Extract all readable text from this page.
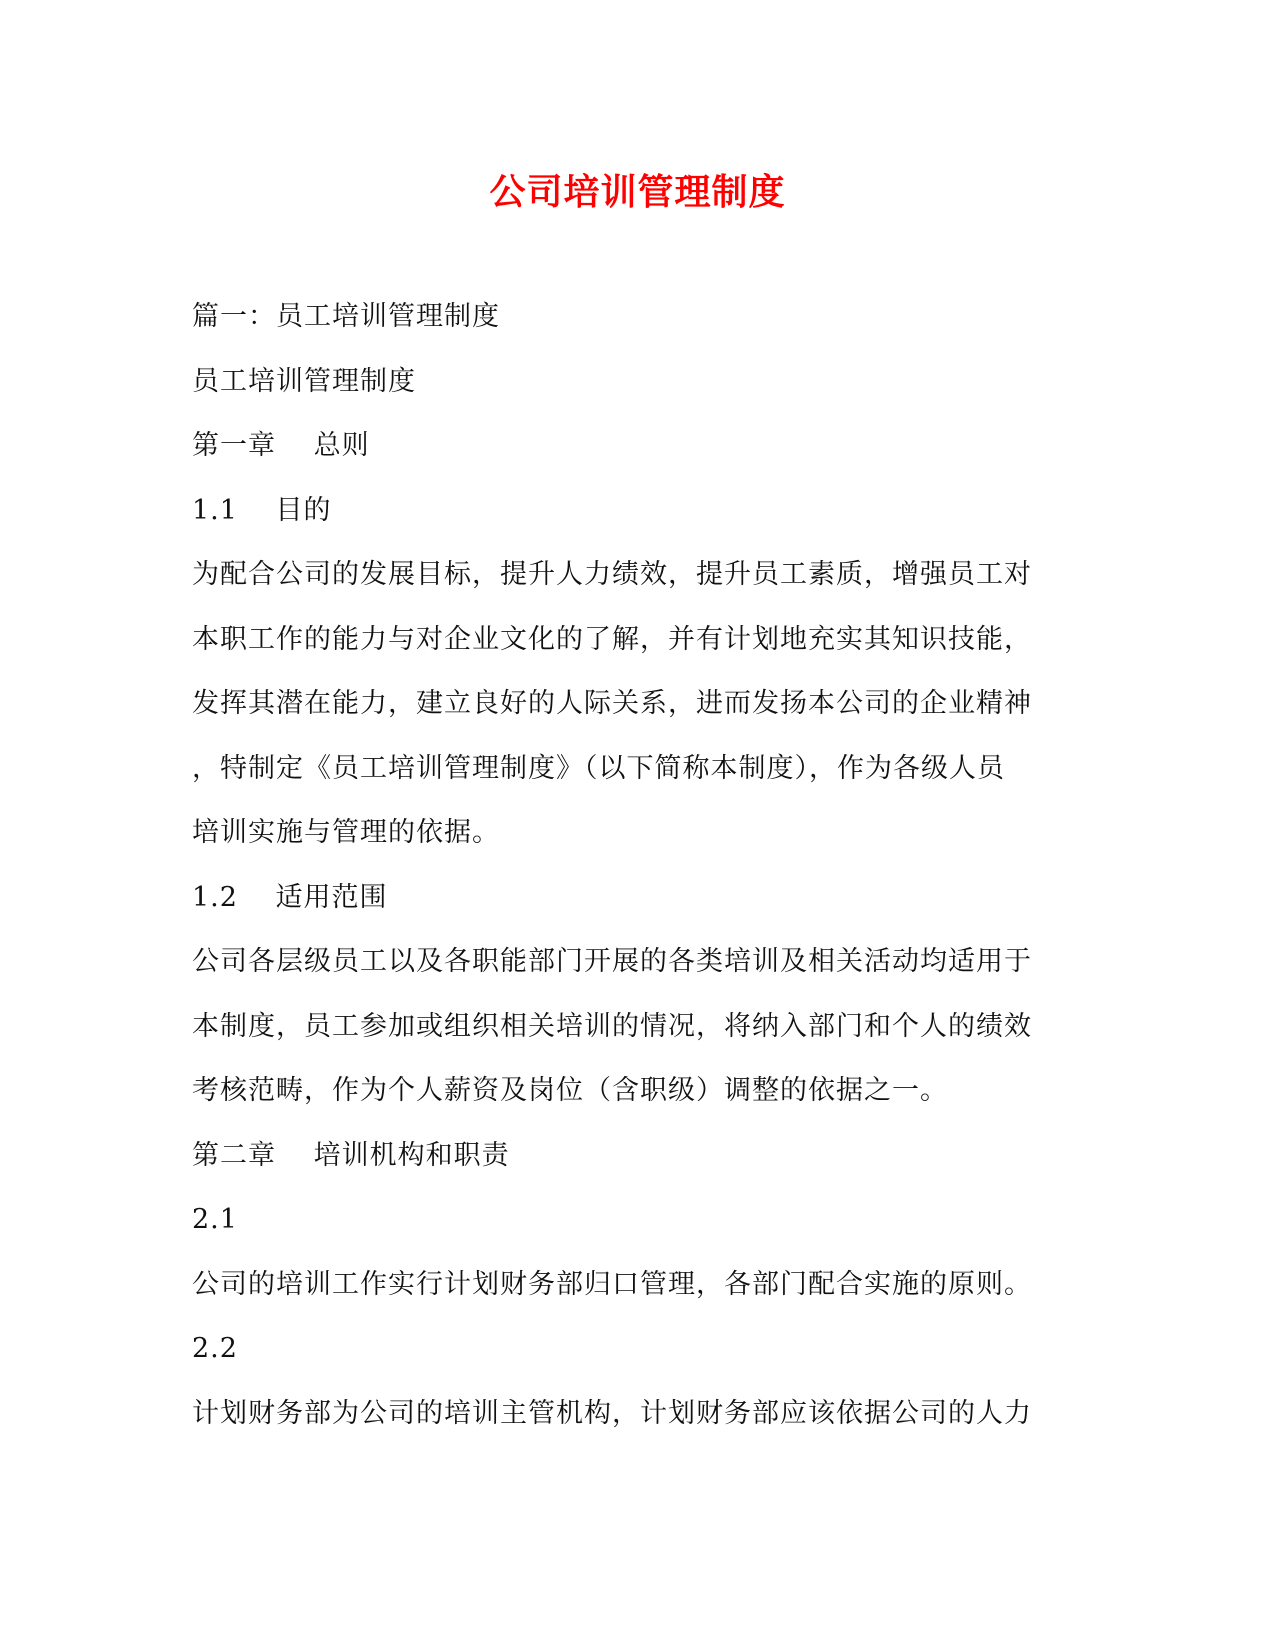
公司培训管理制度
篇一：员工培训管理制度
员工培训管理制度
第一章　 总则
1.1　 目的
为配合公司的发展目标，提升人力绩效，提升员工素质，增强员工对
本职工作的能力与对企业文化的了解，并有计划地充实其知识技能，
发挥其潜在能力，建立良好的人际关系，进而发扬本公司的企业精神
，特制定《员工培训管理制度》（以下简称本制度），作为各级人员
培训实施与管理的依据。
1.2　 适用范围
公司各层级员工以及各职能部门开展的各类培训及相关活动均适用于
本制度，员工参加或组织相关培训的情况，将纳入部门和个人的绩效
考核范畴，作为个人薪资及岗位（含职级）调整的依据之一。
第二章　 培训机构和职责
2.1
公司的培训工作实行计划财务部归口管理，各部门配合实施的原则。
2.2
计划财务部为公司的培训主管机构，计划财务部应该依据公司的人力
